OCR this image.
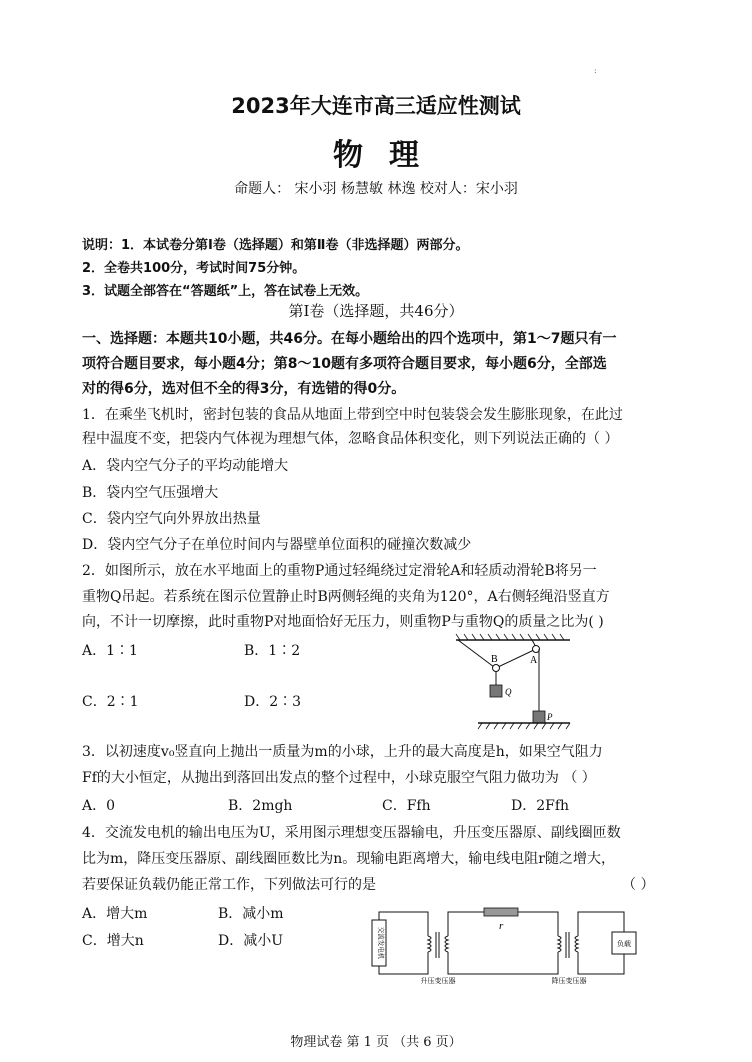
:
2023年大连市高三适应性测试
物理
命题人： 宋小羽 杨慧敏 林逸 校对人：宋小羽
说明：1．本试卷分第Ⅰ卷（选择题）和第Ⅱ卷（非选择题）两部分。
2．全卷共100分，考试时间75分钟。
3．试题全部答在“答题纸”上，答在试卷上无效。
第Ⅰ卷（选择题，共46分）
一、选择题：本题共10小题，共46分。在每小题给出的四个选项中，第1～7题只有一
项符合题目要求，每小题4分；第8～10题有多项符合题目要求，每小题6分，全部选
对的得6分，选对但不全的得3分，有选错的得0分。
1．在乘坐飞机时，密封包装的食品从地面上带到空中时包装袋会发生膨胀现象，在此过
程中温度不变，把袋内气体视为理想气体，忽略食品体积变化，则下列说法正确的（ ）
A．袋内空气分子的平均动能增大
B．袋内空气压强增大
C．袋内空气向外界放出热量
D．袋内空气分子在单位时间内与器壁单位面积的碰撞次数减少
2．如图所示，放在水平地面上的重物P通过轻绳绕过定滑轮A和轻质动滑轮B将另一
重物Q吊起。若系统在图示位置静止时B两侧轻绳的夹角为120°，A右侧轻绳沿竖直方
向，不计一切摩擦，此时重物P对地面恰好无压力，则重物P与重物Q的质量之比为( )
A．1∶1	B．1∶2
C．2∶1	D．2∶3
A
B
Q
P
3．以初速度v₀竖直向上抛出一质量为m的小球，上升的最大高度是h，如果空气阻力
Ff的大小恒定，从抛出到落回出发点的整个过程中，小球克服空气阻力做功为 （ ）
A．0	B．2mgh	C．Ffh	D．2Ffh
4．交流发电机的输出电压为U，采用图示理想变压器输电，升压变压器原、副线圈匝数
比为m，降压变压器原、副线圈匝数比为n。现输电距离增大，输电线电阻r随之增大，
若要保证负载仍能正常工作，下列做法可行的是	（ ）
A．增大m	B．减小m
C．增大n	D．减小U	交流发电机
r
负载
升压变压器	降压变压器
物理试卷 第 1 页 （共 6 页）
